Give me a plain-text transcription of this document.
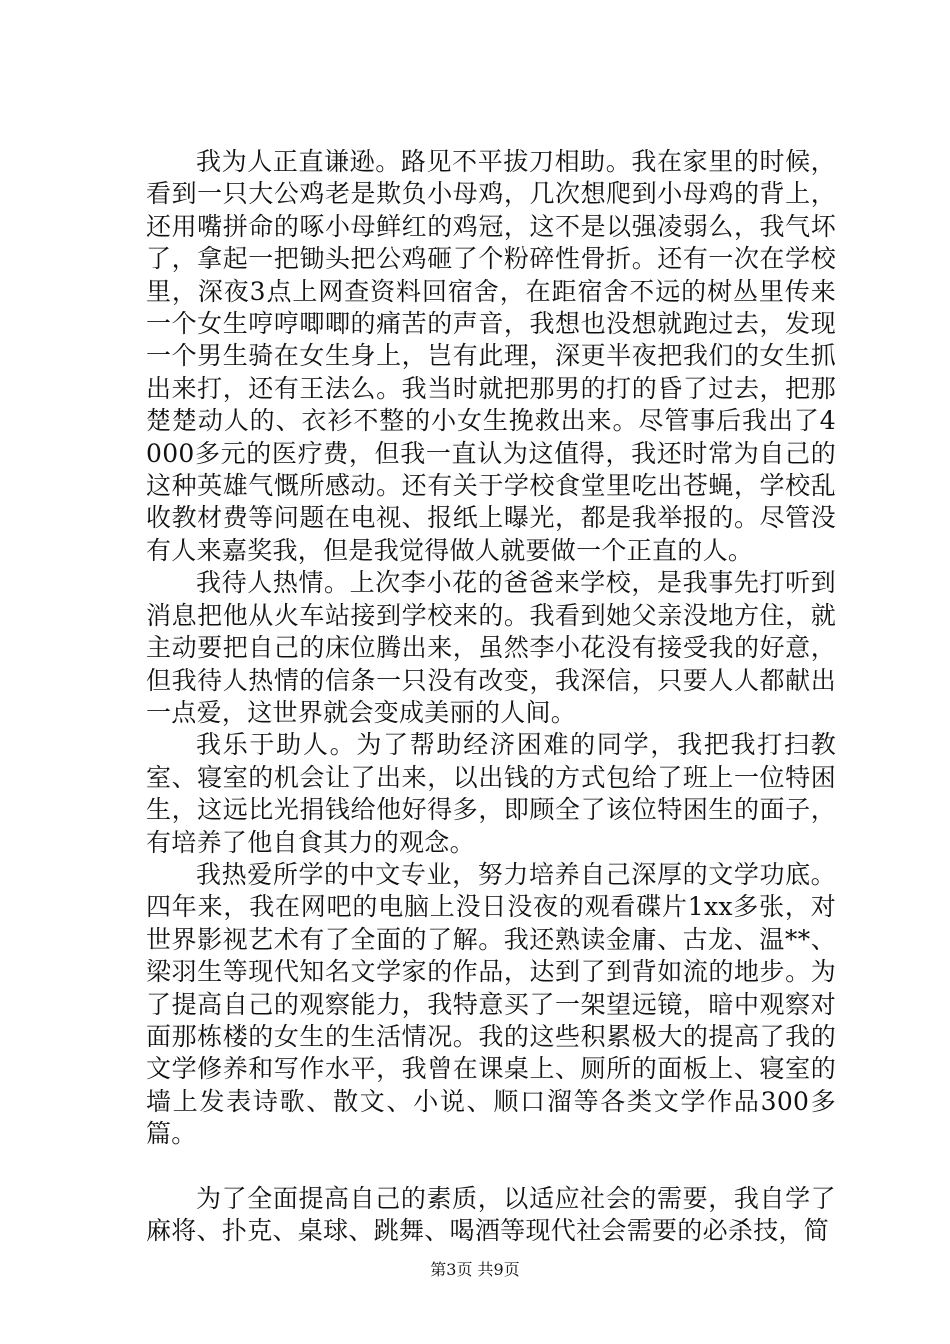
我为人正直谦逊。路见不平拔刀相助。我在家里的时候，看到一只大公鸡老是欺负小母鸡，几次想爬到小母鸡的背上，还用嘴拼命的啄小母鲜红的鸡冠，这不是以强凌弱么，我气坏了，拿起一把锄头把公鸡砸了个粉碎性骨折。还有一次在学校里，深夜3点上网查资料回宿舍，在距宿舍不远的树丛里传来一个女生哼哼唧唧的痛苦的声音，我想也没想就跑过去，发现一个男生骑在女生身上，岂有此理，深更半夜把我们的女生抓出来打，还有王法么。我当时就把那男的打的昏了过去，把那楚楚动人的、衣衫不整的小女生挽救出来。尽管事后我出了4000多元的医疗费，但我一直认为这值得，我还时常为自己的这种英雄气慨所感动。还有关于学校食堂里吃出苍蝇，学校乱收教材费等问题在电视、报纸上曝光，都是我举报的。尽管没有人来嘉奖我，但是我觉得做人就要做一个正直的人。

我待人热情。上次李小花的爸爸来学校，是我事先打听到消息把他从火车站接到学校来的。我看到她父亲没地方住，就主动要把自己的床位腾出来，虽然李小花没有接受我的好意，但我待人热情的信条一只没有改变，我深信，只要人人都献出一点爱，这世界就会变成美丽的人间。

我乐于助人。为了帮助经济困难的同学，我把我打扫教室、寝室的机会让了出来，以出钱的方式包给了班上一位特困生，这远比光捐钱给他好得多，即顾全了该位特困生的面子，有培养了他自食其力的观念。

我热爱所学的中文专业，努力培养自己深厚的文学功底。四年来，我在网吧的电脑上没日没夜的观看碟片1xx多张，对世界影视艺术有了全面的了解。我还熟读金庸、古龙、温**、梁羽生等现代知名文学家的作品，达到了到背如流的地步。为了提高自己的观察能力，我特意买了一架望远镜，暗中观察对面那栋楼的女生的生活情况。我的这些积累极大的提高了我的文学修养和写作水平，我曾在课桌上、厕所的面板上、寝室的墙上发表诗歌、散文、小说、顺口溜等各类文学作品300多篇。

为了全面提高自己的素质，以适应社会的需要，我自学了麻将、扑克、桌球、跳舞、喝酒等现代社会需要的必杀技，简

第3页 共9页
